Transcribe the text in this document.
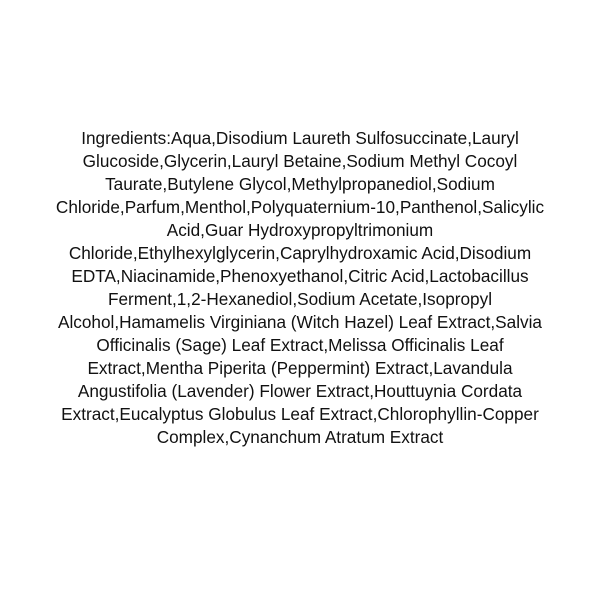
Ingredients:Aqua,Disodium Laureth Sulfosuccinate,Lauryl
Glucoside,Glycerin,Lauryl Betaine,Sodium Methyl Cocoyl
Taurate,Butylene Glycol,Methylpropanediol,Sodium
Chloride,Parfum,Menthol,Polyquaternium-10,Panthenol,Salicylic
Acid,Guar Hydroxypropyltrimonium
Chloride,Ethylhexylglycerin,Caprylhydroxamic Acid,Disodium
EDTA,Niacinamide,Phenoxyethanol,Citric Acid,Lactobacillus
Ferment,1,2-Hexanediol,Sodium Acetate,Isopropyl
Alcohol,Hamamelis Virginiana (Witch Hazel) Leaf Extract,Salvia
Officinalis (Sage) Leaf Extract,Melissa Officinalis Leaf
Extract,Mentha Piperita (Peppermint) Extract,Lavandula
Angustifolia (Lavender) Flower Extract,Houttuynia Cordata
Extract,Eucalyptus Globulus Leaf Extract,Chlorophyllin-Copper
Complex,Cynanchum Atratum Extract
